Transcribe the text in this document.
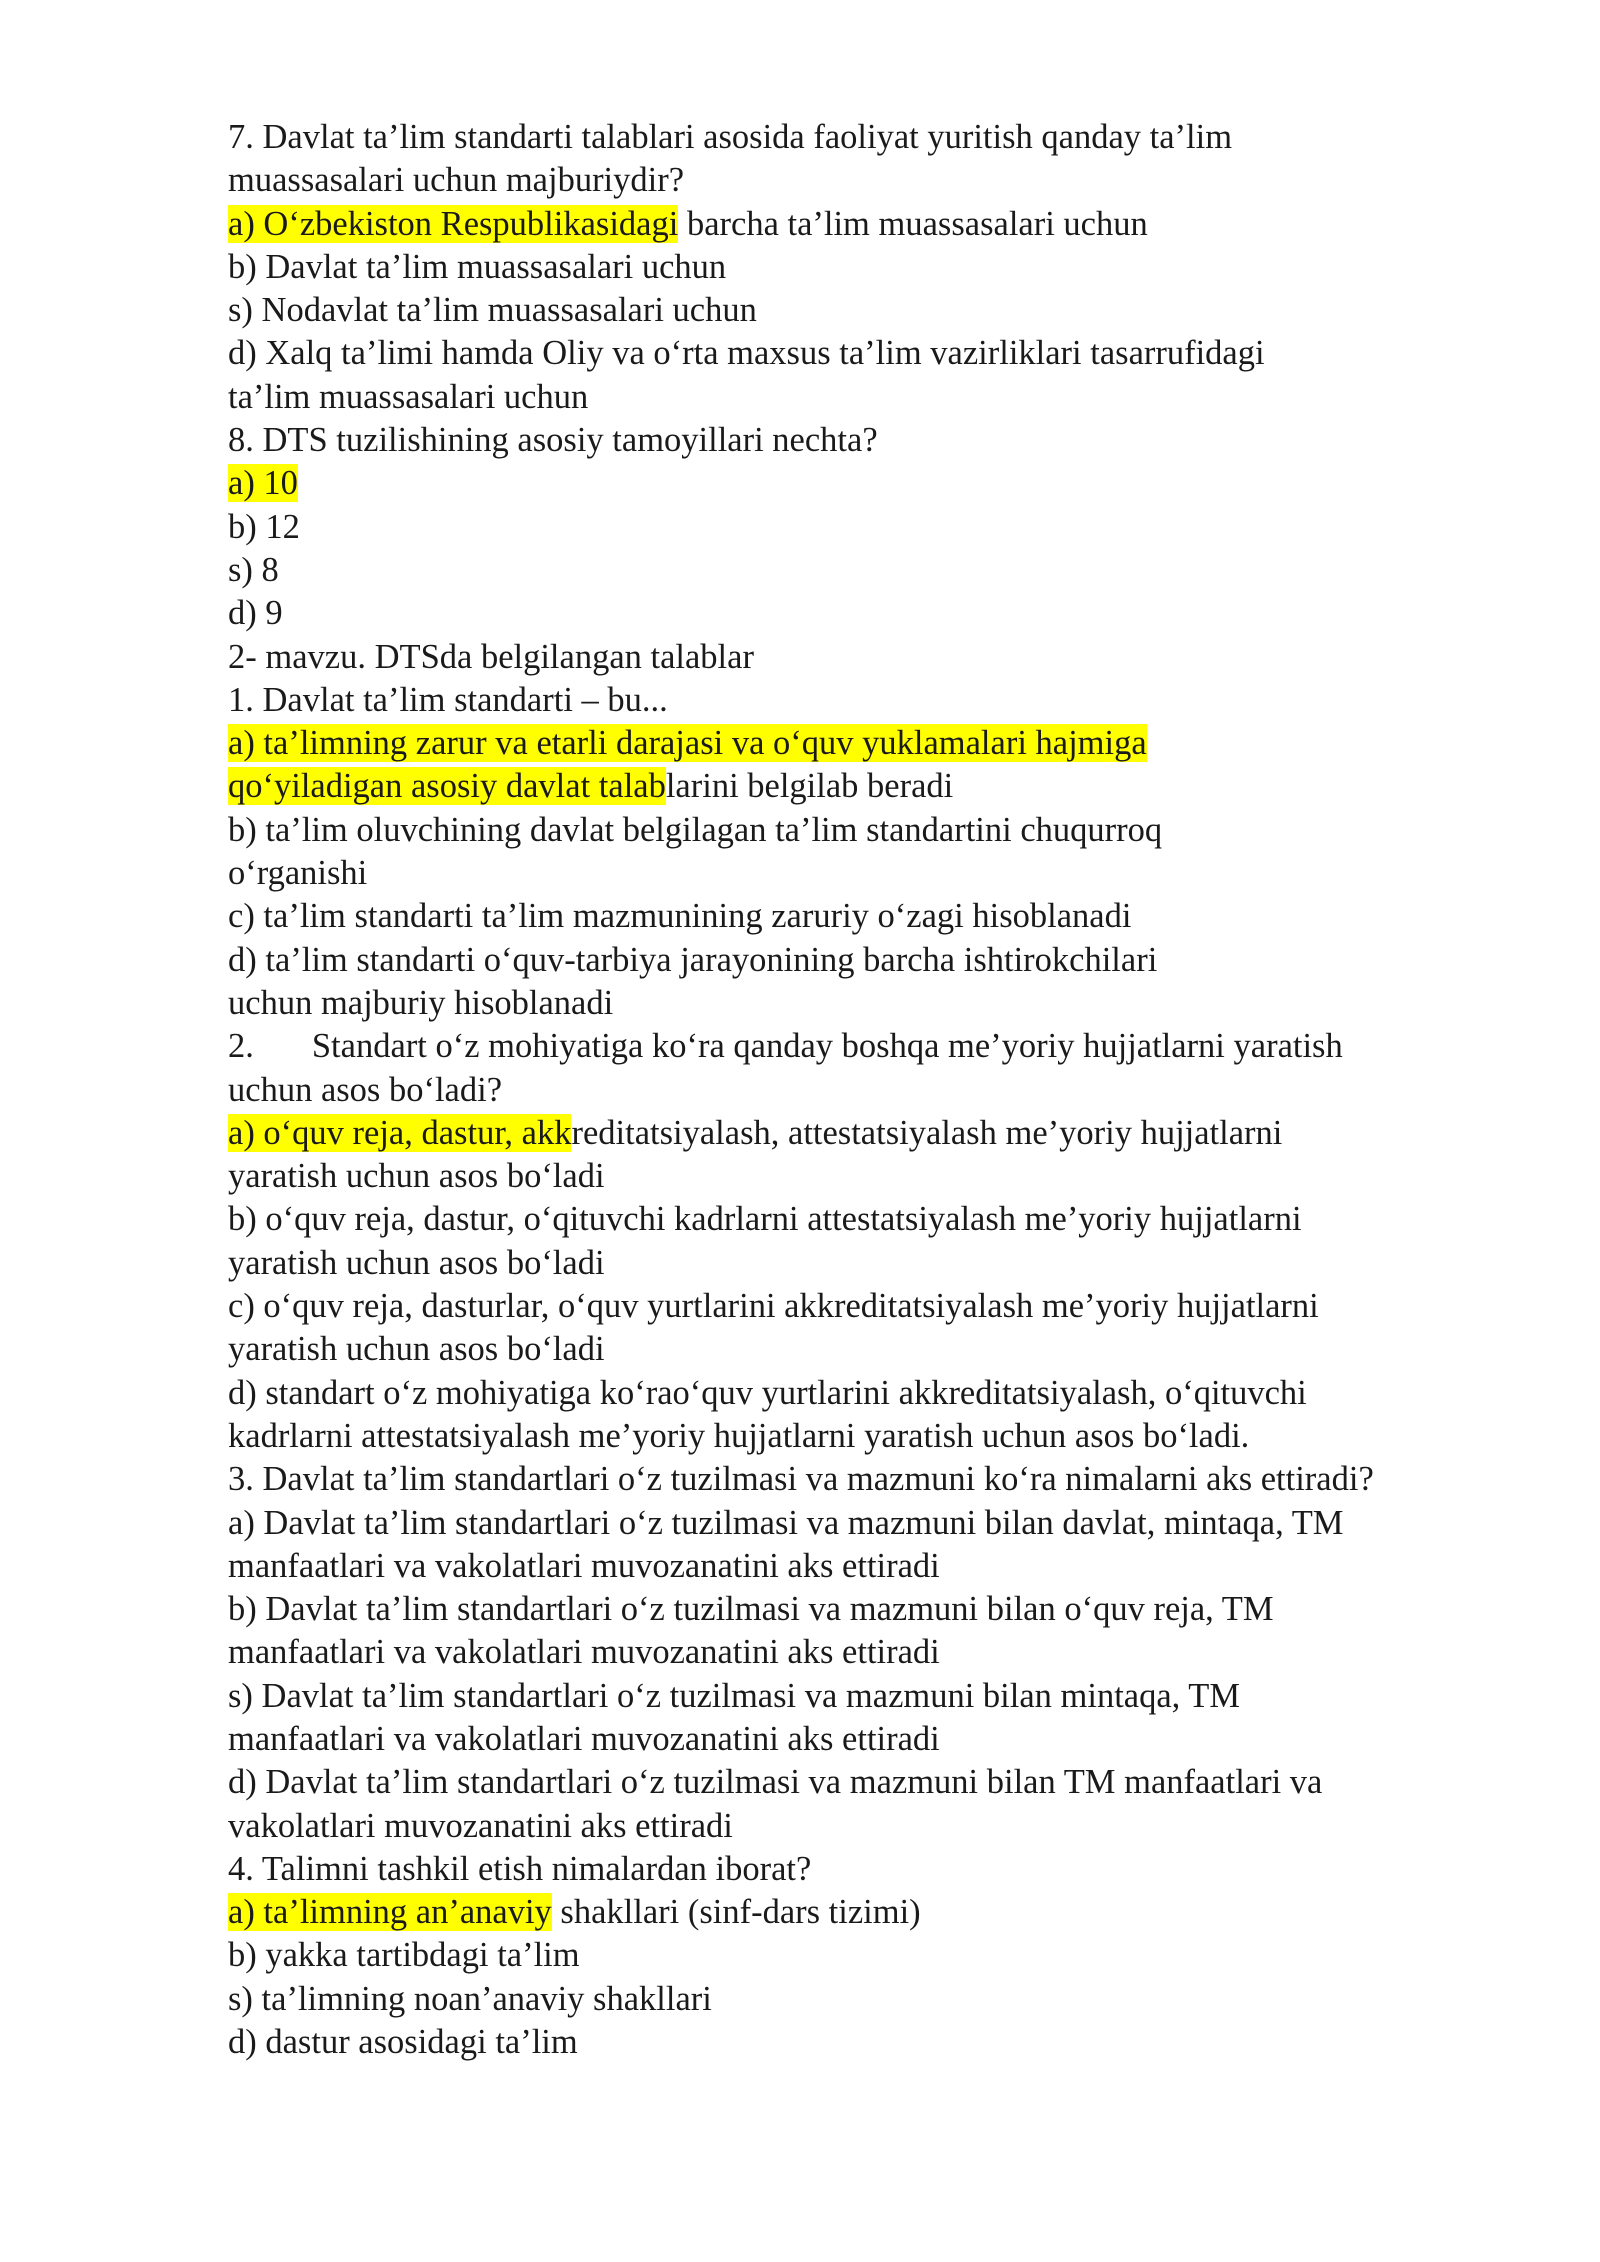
7. Davlat ta’lim standarti talablari asosida faoliyat yuritish qanday ta’lim
muassasalari uchun majburiydir?
a) O‘zbekiston Respublikasidagi barcha ta’lim muassasalari uchun
b) Davlat ta’lim muassasalari uchun
s) Nodavlat ta’lim muassasalari uchun
d) Xalq ta’limi hamda Oliy va o‘rta maxsus ta’lim vazirliklari tasarrufidagi
ta’lim muassasalari uchun
8. DTS tuzilishining asosiy tamoyillari nechta?
a) 10
b) 12
s) 8
d) 9
2- mavzu. DTSda belgilangan talablar
1. Davlat ta’lim standarti – bu...
a) ta’limning zarur va etarli darajasi va o‘quv yuklamalari hajmiga
qo‘yiladigan asosiy davlat talablarini belgilab beradi
b) ta’lim oluvchining davlat belgilagan ta’lim standartini chuqurroq
o‘rganishi
c) ta’lim standarti ta’lim mazmunining zaruriy o‘zagi hisoblanadi
d) ta’lim standarti o‘quv-tarbiya jarayonining barcha ishtirokchilari
uchun majburiy hisoblanadi
2. Standart o‘z mohiyatiga ko‘ra qanday boshqa me’yoriy hujjatlarni yaratish
uchun asos bo‘ladi?
a) o‘quv reja, dastur, akkreditatsiyalash, attestatsiyalash me’yoriy hujjatlarni
yaratish uchun asos bo‘ladi
b) o‘quv reja, dastur, o‘qituvchi kadrlarni attestatsiyalash me’yoriy hujjatlarni
yaratish uchun asos bo‘ladi
c) o‘quv reja, dasturlar, o‘quv yurtlarini akkreditatsiyalash me’yoriy hujjatlarni
yaratish uchun asos bo‘ladi
d) standart o‘z mohiyatiga ko‘rao‘quv yurtlarini akkreditatsiyalash, o‘qituvchi
kadrlarni attestatsiyalash me’yoriy hujjatlarni yaratish uchun asos bo‘ladi.
3. Davlat ta’lim standartlari o‘z tuzilmasi va mazmuni ko‘ra nimalarni aks ettiradi?
a) Davlat ta’lim standartlari o‘z tuzilmasi va mazmuni bilan davlat, mintaqa, TM
manfaatlari va vakolatlari muvozanatini aks ettiradi
b) Davlat ta’lim standartlari o‘z tuzilmasi va mazmuni bilan o‘quv reja, TM
manfaatlari va vakolatlari muvozanatini aks ettiradi
s) Davlat ta’lim standartlari o‘z tuzilmasi va mazmuni bilan mintaqa, TM
manfaatlari va vakolatlari muvozanatini aks ettiradi
d) Davlat ta’lim standartlari o‘z tuzilmasi va mazmuni bilan TM manfaatlari va
vakolatlari muvozanatini aks ettiradi
4. Talimni tashkil etish nimalardan iborat?
a) ta’limning an’anaviy shakllari (sinf-dars tizimi)
b) yakka tartibdagi ta’lim
s) ta’limning noan’anaviy shakllari
d) dastur asosidagi ta’lim
